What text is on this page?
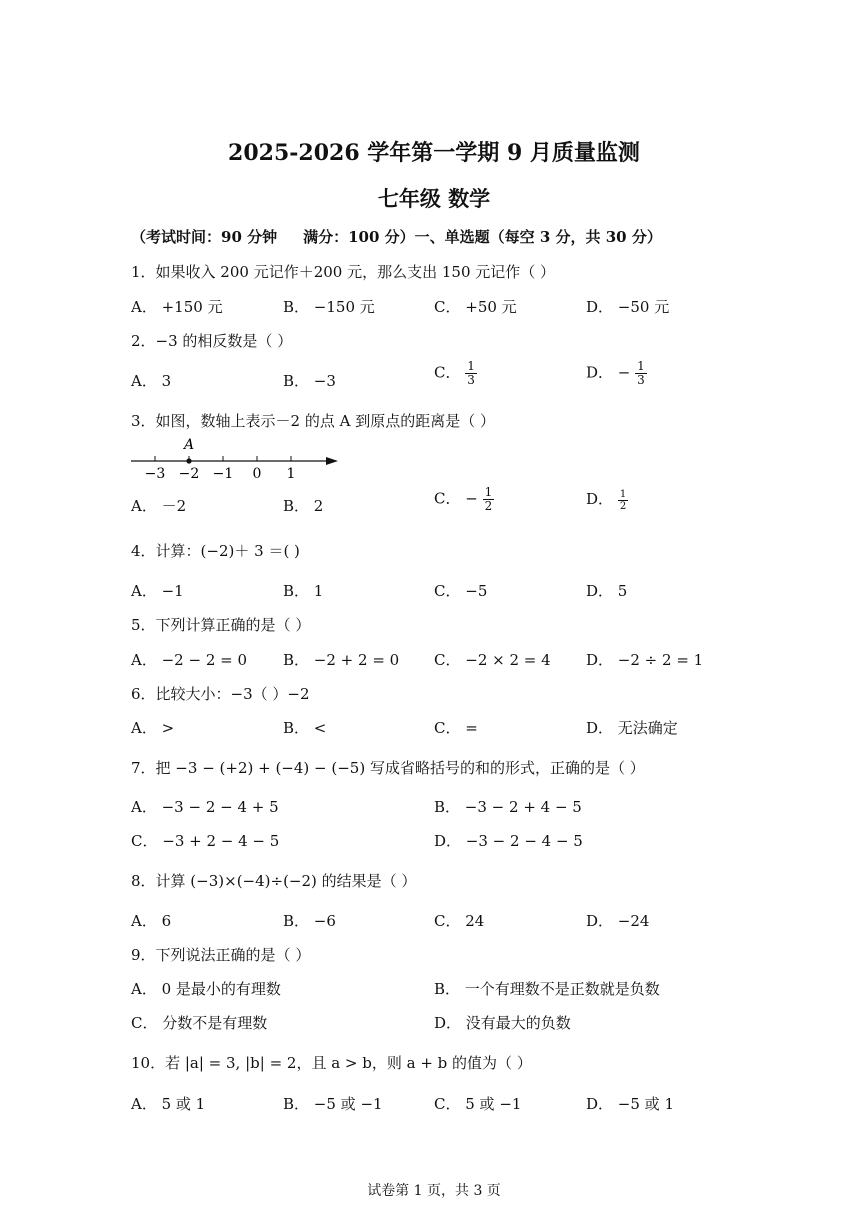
2025-2026 学年第一学期 9 月质量监测
七年级 数学
（考试时间：90 分钟 满分：100 分）一、单选题（每空 3 分，共 30 分）
1．如果收入 200 元记作＋200 元，那么支出 150 元记作（ ）
A． +150 元	B． −150 元	C． +50 元	D． −50 元
2．−3 的相反数是（ ）
A． 3	B． −3	C． $\frac{1}{3}$	D． − $\frac{1}{3}$
3．如图，数轴上表示－2 的点 A 到原点的距离是（ ）
A
−3 −2 −1 0 1
A． －2	B． 2	C． − $\frac{1}{2}$	D． $\frac{1}{2}$
4．计算：(−2)＋ 3 ＝( )
A． −1	B． 1	C． −5	D． 5
5．下列计算正确的是（ ）
A． −2 − 2 = 0 B． −2 + 2 = 0 C． −2 × 2 = 4 D． −2 ÷ 2 = 1
6．比较大小：−3（ ）−2
A． >	B． <	C． =	D． 无法确定
7．把 −3 − (+2) + (−4) − (−5) 写成省略括号的和的形式，正确的是（ ）
A． −3 − 2 − 4 + 5	B． −3 − 2 + 4 − 5
C． −3 + 2 − 4 − 5	D． −3 − 2 − 4 − 5
8．计算 (−3)×(−4)÷(−2) 的结果是（ ）
A． 6	B． −6	C． 24	D． −24
9．下列说法正确的是（ ）
A． 0 是最小的有理数	B． 一个有理数不是正数就是负数
C． 分数不是有理数	D． 没有最大的负数
10．若 |a| = 3, |b| = 2，且 a > b，则 a + b 的值为（ ）
A． 5 或 1	B． −5 或 −1	C． 5 或 −1	D． −5 或 1
试卷第 1 页，共 3 页
